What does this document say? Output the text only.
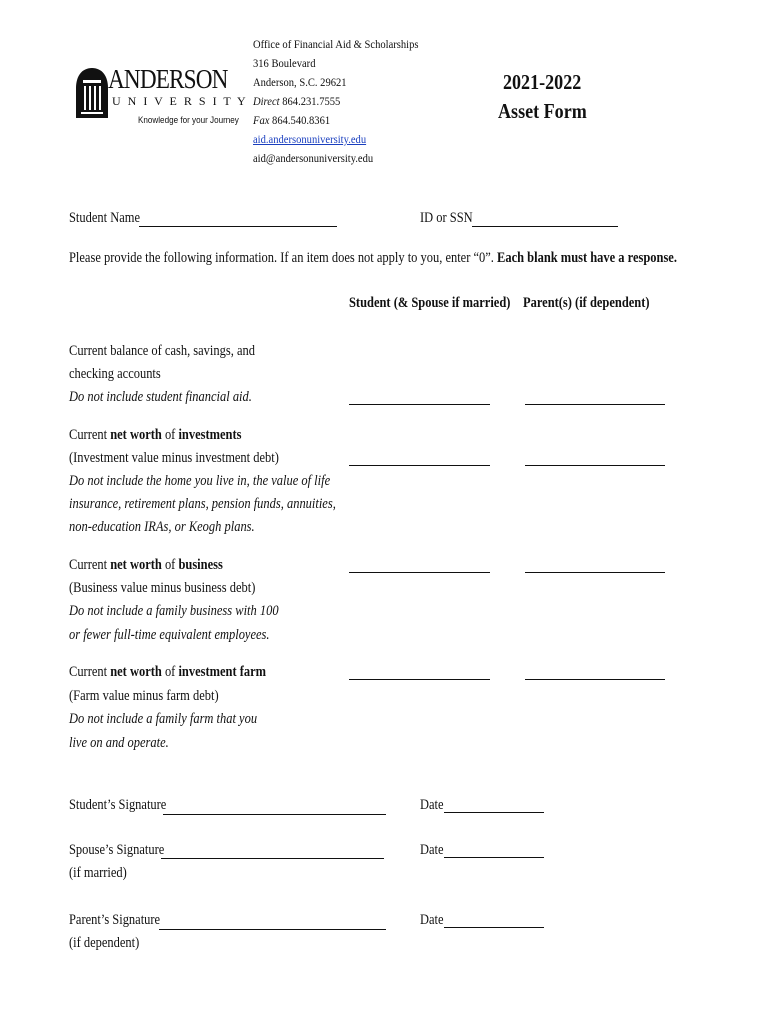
ANDERSON
U N I V E R S I T Y
Knowledge for your Journey
Office of Financial Aid & Scholarships
316 Boulevard
Anderson, S.C. 29621
Direct 864.231.7555
Fax 864.540.8361
aid.andersonuniversity.edu
aid@andersonuniversity.edu
2021-2022
Asset Form
Student Name	ID or SSN
Please provide the following information. If an item does not apply to you, enter “0”. Each blank must have a response.
Student (& Spouse if married) Parent(s) (if dependent)
Current balance of cash, savings, and
checking accounts
Do not include student financial aid.
Current net worth of investments
(Investment value minus investment debt)
Do not include the home you live in, the value of life
insurance, retirement plans, pension funds, annuities,
non-education IRAs, or Keogh plans.
Current net worth of business
(Business value minus business debt)
Do not include a family business with 100
or fewer full-time equivalent employees.
Current net worth of investment farm
(Farm value minus farm debt)
Do not include a family farm that you
live on and operate.
Student’s Signature	Date
Spouse’s Signature
(if married)
Date
Parent’s Signature
(if dependent)
Date
